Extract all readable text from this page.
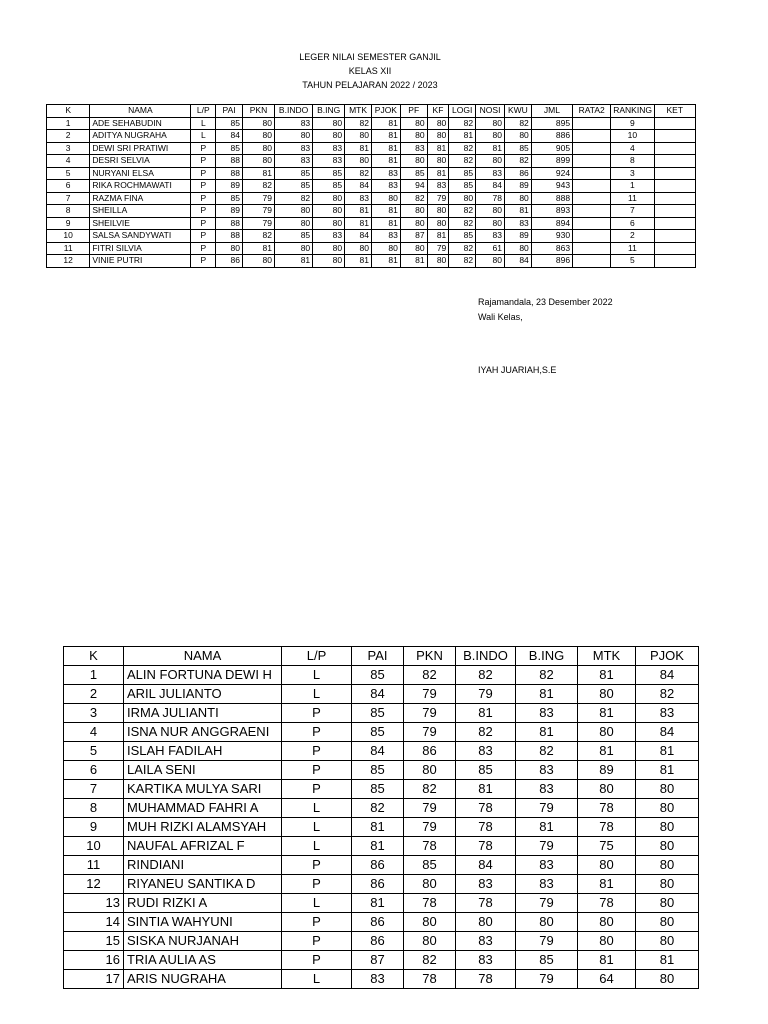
LEGER NILAI SEMESTER GANJIL
KELAS XII
TAHUN PELAJARAN 2022 / 2023
K	NAMA	L/P	PAI	PKN	B.INDO	B.ING	MTK	PJOK	PF	KF	LOGI	NOSI	KWU	JML	RATA2	RANKING	KET
1	ADE SEHABUDIN	L	85	80	83	80	82	81	80	80	82	80	82	895		9	
2	ADITYA NUGRAHA	L	84	80	80	80	80	81	80	80	81	80	80	886		10	
3	DEWI SRI PRATIWI	P	85	80	83	83	81	81	83	81	82	81	85	905		4	
4	DESRI SELVIA	P	88	80	83	83	80	81	80	80	82	80	82	899		8	
5	NURYANI ELSA	P	88	81	85	85	82	83	85	81	85	83	86	924		3	
6	RIKA ROCHMAWATI	P	89	82	85	85	84	83	94	83	85	84	89	943		1	
7	RAZMA FINA	P	85	79	82	80	83	80	82	79	80	78	80	888		11	
8	SHEILLA	P	89	79	80	80	81	81	80	80	82	80	81	893		7	
9	SHEILVIE	P	88	79	80	80	81	81	80	80	82	80	83	894		6	
10	SALSA SANDYWATI	P	88	82	85	83	84	83	87	81	85	83	89	930		2	
11	FITRI SILVIA	P	80	81	80	80	80	80	80	79	82	61	80	863		11	
12	VINIE PUTRI	P	86	80	81	80	81	81	81	80	82	80	84	896		5	
Rajamandala, 23 Desember 2022
Wali Kelas,
IYAH JUARIAH,S.E
K	NAMA	L/P	PAI	PKN	B.INDO	B.ING	MTK	PJOK
1	ALIN FORTUNA DEWI H	L	85	82	82	82	81	84
2	ARIL JULIANTO	L	84	79	79	81	80	82
3	IRMA JULIANTI	P	85	79	81	83	81	83
4	ISNA NUR ANGGRAENI	P	85	79	82	81	80	84
5	ISLAH FADILAH	P	84	86	83	82	81	81
6	LAILA SENI	P	85	80	85	83	89	81
7	KARTIKA MULYA SARI	P	85	82	81	83	80	80
8	MUHAMMAD FAHRI A	L	82	79	78	79	78	80
9	MUH RIZKI ALAMSYAH	L	81	79	78	81	78	80
10	NAUFAL AFRIZAL F	L	81	78	78	79	75	80
11	RINDIANI	P	86	85	84	83	80	80
12	RIYANEU SANTIKA D	P	86	80	83	83	81	80
13	RUDI RIZKI A	L	81	78	78	79	78	80
14	SINTIA WAHYUNI	P	86	80	80	80	80	80
15	SISKA NURJANAH	P	86	80	83	79	80	80
16	TRIA AULIA AS	P	87	82	83	85	81	81
17	ARIS NUGRAHA	L	83	78	78	79	64	80
